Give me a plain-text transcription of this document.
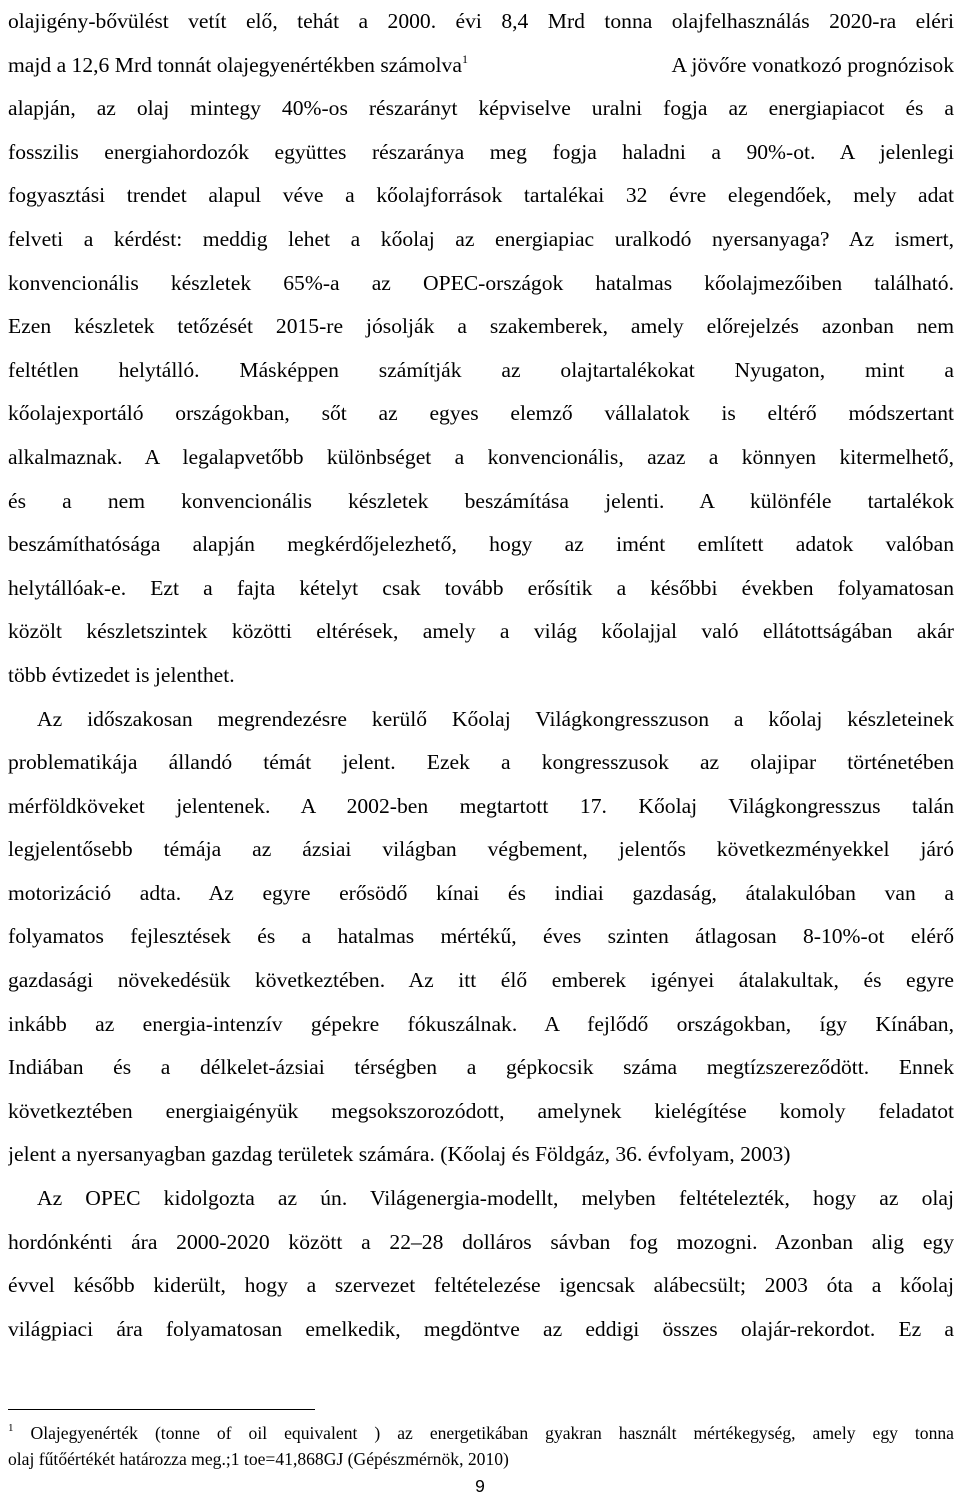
olajigény-bővülést vetít elő, tehát a 2000. évi 8,4 Mrd tonna olajfelhasználás 2020-ra eléri
majd a 12,6 Mrd tonnát olajegyenértékben számolva$^1$	A jövőre vonatkozó prognózisok
alapján, az olaj mintegy 40%-os részarányt képviselve uralni fogja az energiapiacot és a
fosszilis energiahordozók együttes részaránya meg fogja haladni a 90%-ot. A jelenlegi
fogyasztási trendet alapul véve a kőolajforrások tartalékai 32 évre elegendőek, mely adat
felveti a kérdést: meddig lehet a kőolaj az energiapiac uralkodó nyersanyaga? Az ismert,
konvencionális készletek 65%-a az OPEC-országok hatalmas kőolajmezőiben található.
Ezen készletek tetőzését 2015-re jósolják a szakemberek, amely előrejelzés azonban nem
feltétlen helytálló. Másképpen számítják az olajtartalékokat Nyugaton, mint a
kőolajexportáló országokban, sőt az egyes elemző vállalatok is eltérő módszertant
alkalmaznak. A legalapvetőbb különbséget a konvencionális, azaz a könnyen kitermelhető,
és a nem konvencionális készletek beszámítása jelenti. A különféle tartalékok
beszámíthatósága alapján megkérdőjelezhető, hogy az imént említett adatok valóban
helytállóak-e. Ezt a fajta kételyt csak tovább erősítik a későbbi években folyamatosan
közölt készletszintek közötti eltérések, amely a világ kőolajjal való ellátottságában akár
több évtizedet is jelenthet.
Az időszakosan megrendezésre kerülő Kőolaj Világkongresszuson a kőolaj készleteinek
problematikája állandó témát jelent. Ezek a kongresszusok az olajipar történetében
mérföldköveket jelentenek. A 2002-ben megtartott 17. Kőolaj Világkongresszus talán
legjelentősebb témája az ázsiai világban végbement, jelentős következményekkel járó
motorizáció adta. Az egyre erősödő kínai és indiai gazdaság, átalakulóban van a
folyamatos fejlesztések és a hatalmas mértékű, éves szinten átlagosan 8-10%-ot elérő
gazdasági növekedésük következtében. Az itt élő emberek igényei átalakultak, és egyre
inkább az energia-intenzív gépekre fókuszálnak. A fejlődő országokban, így Kínában,
Indiában és a délkelet-ázsiai térségben a gépkocsik száma megtízszereződött. Ennek
következtében energiaigényük megsokszorozódott, amelynek kielégítése komoly feladatot
jelent a nyersanyagban gazdag területek számára. (Kőolaj és Földgáz, 36. évfolyam, 2003)
Az OPEC kidolgozta az ún. Világenergia-modellt, melyben feltételezték, hogy az olaj
hordónkénti ára 2000-2020 között a 22–28 dolláros sávban fog mozogni. Azonban alig egy
évvel később kiderült, hogy a szervezet feltételezése igencsak alábecsült; 2003 óta a kőolaj
világpiaci ára folyamatosan emelkedik, megdöntve az eddigi összes olajár-rekordot. Ez a
$^1$ Olajegyenérték (tonne of oil equivalent ) az energetikában gyakran használt mértékegység, amely egy tonna
olaj fűtőértékét határozza meg.;1 toe=41,868GJ (Gépészmérnök, 2010)
9
